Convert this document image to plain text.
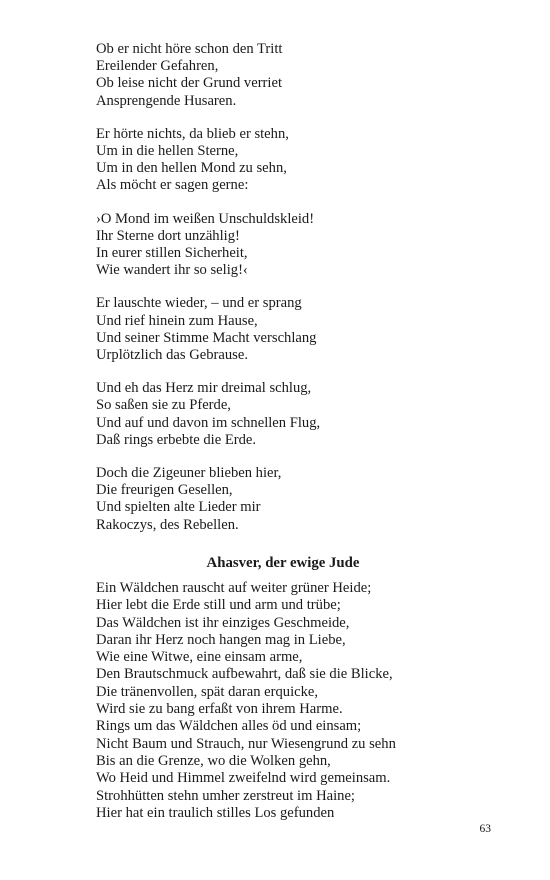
Ob er nicht höre schon den Tritt
Ereilender Gefahren,
Ob leise nicht der Grund verriet
Ansprengende Husaren.
Er hörte nichts, da blieb er stehn,
Um in die hellen Sterne,
Um in den hellen Mond zu sehn,
Als möcht er sagen gerne:
›O Mond im weißen Unschuldskleid!
Ihr Sterne dort unzählig!
In eurer stillen Sicherheit,
Wie wandert ihr so selig!‹
Er lauschte wieder, – und er sprang
Und rief hinein zum Hause,
Und seiner Stimme Macht verschlang
Urplötzlich das Gebrause.
Und eh das Herz mir dreimal schlug,
So saßen sie zu Pferde,
Und auf und davon im schnellen Flug,
Daß rings erbebte die Erde.
Doch die Zigeuner blieben hier,
Die freurigen Gesellen,
Und spielten alte Lieder mir
Rakoczys, des Rebellen.
Ahasver, der ewige Jude
Ein Wäldchen rauscht auf weiter grüner Heide;
Hier lebt die Erde still und arm und trübe;
Das Wäldchen ist ihr einziges Geschmeide,
Daran ihr Herz noch hangen mag in Liebe,
Wie eine Witwe, eine einsam arme,
Den Brautschmuck aufbewahrt, daß sie die Blicke,
Die tränenvollen, spät daran erquicke,
Wird sie zu bang erfaßt von ihrem Harme.
Rings um das Wäldchen alles öd und einsam;
Nicht Baum und Strauch, nur Wiesengrund zu sehn
Bis an die Grenze, wo die Wolken gehn,
Wo Heid und Himmel zweifelnd wird gemeinsam.
Strohhütten stehn umher zerstreut im Haine;
Hier hat ein traulich stilles Los gefunden
63
